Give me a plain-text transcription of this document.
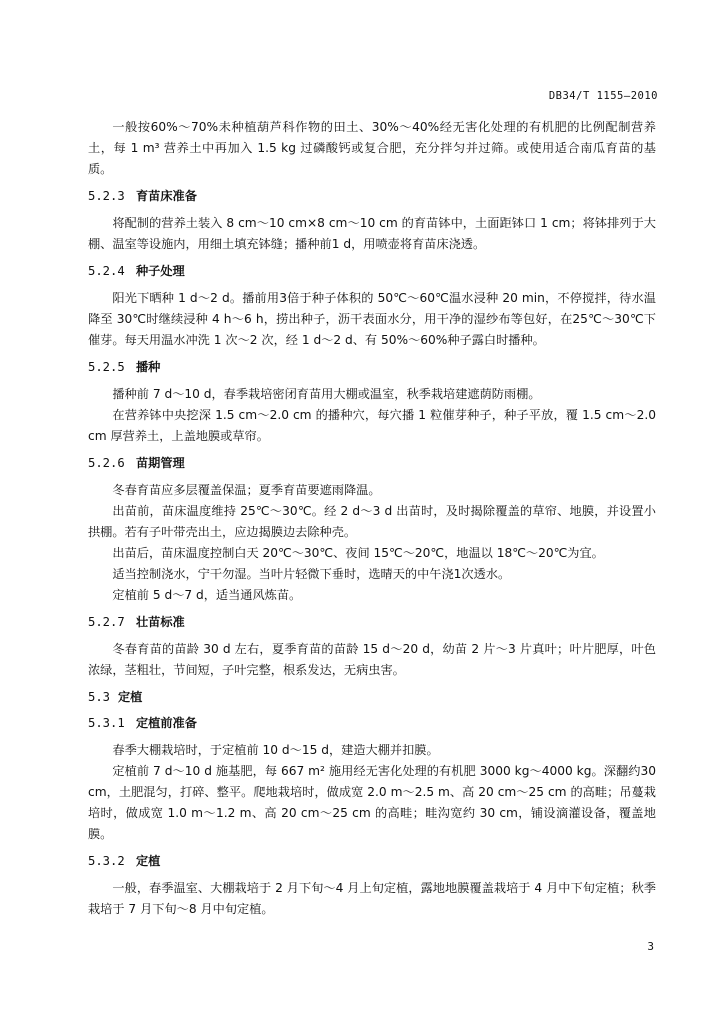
DB34/T 1155—2010

一般按60%～70%未种植葫芦科作物的田土、30%～40%经无害化处理的有机肥的比例配制营养土，每 1 m³ 营养土中再加入 1.5 kg 过磷酸钙或复合肥，充分拌匀并过筛。或使用适合南瓜育苗的基质。

5.2.3 育苗床准备

将配制的营养土装入 8 cm～10 cm×8 cm～10 cm 的育苗钵中，土面距钵口 1 cm；将钵排列于大棚、温室等设施内，用细土填充钵缝；播种前1 d，用喷壶将育苗床浇透。

5.2.4 种子处理

阳光下晒种 1 d～2 d。播前用3倍于种子体积的 50℃～60℃温水浸种 20 min，不停搅拌，待水温降至 30℃时继续浸种 4 h～6 h，捞出种子，沥干表面水分，用干净的湿纱布等包好，在25℃～30℃下催芽。每天用温水冲洗 1 次～2 次，经 1 d～2 d、有 50%～60%种子露白时播种。

5.2.5 播种

播种前 7 d～10 d，春季栽培密闭育苗用大棚或温室，秋季栽培建遮荫防雨棚。

在营养钵中央挖深 1.5 cm～2.0 cm 的播种穴，每穴播 1 粒催芽种子，种子平放，覆 1.5 cm～2.0 cm 厚营养土，上盖地膜或草帘。

5.2.6 苗期管理

冬春育苗应多层覆盖保温；夏季育苗要遮雨降温。

出苗前，苗床温度维持 25℃～30℃。经 2 d～3 d 出苗时，及时揭除覆盖的草帘、地膜，并设置小拱棚。若有子叶带壳出土，应边揭膜边去除种壳。

出苗后，苗床温度控制白天 20℃～30℃、夜间 15℃～20℃，地温以 18℃～20℃为宜。

适当控制浇水，宁干勿湿。当叶片轻微下垂时，选晴天的中午浇1次透水。

定植前 5 d～7 d，适当通风炼苗。

5.2.7 壮苗标准

冬春育苗的苗龄 30 d 左右，夏季育苗的苗龄 15 d～20 d，幼苗 2 片～3 片真叶；叶片肥厚，叶色浓绿，茎粗壮，节间短，子叶完整，根系发达，无病虫害。

5.3 定植
5.3.1 定植前准备

春季大棚栽培时，于定植前 10 d～15 d，建造大棚并扣膜。

定植前 7 d～10 d 施基肥，每 667 m² 施用经无害化处理的有机肥 3000 kg～4000 kg。深翻约30 cm，土肥混匀，打碎、整平。爬地栽培时，做成宽 2.0 m～2.5 m、高 20 cm～25 cm 的高畦；吊蔓栽培时，做成宽 1.0 m～1.2 m、高 20 cm～25 cm 的高畦；畦沟宽约 30 cm，铺设滴灌设备，覆盖地膜。

5.3.2 定植

一般，春季温室、大棚栽培于 2 月下旬～4 月上旬定植，露地地膜覆盖栽培于 4 月中下旬定植；秋季栽培于 7 月下旬～8 月中旬定植。

3
